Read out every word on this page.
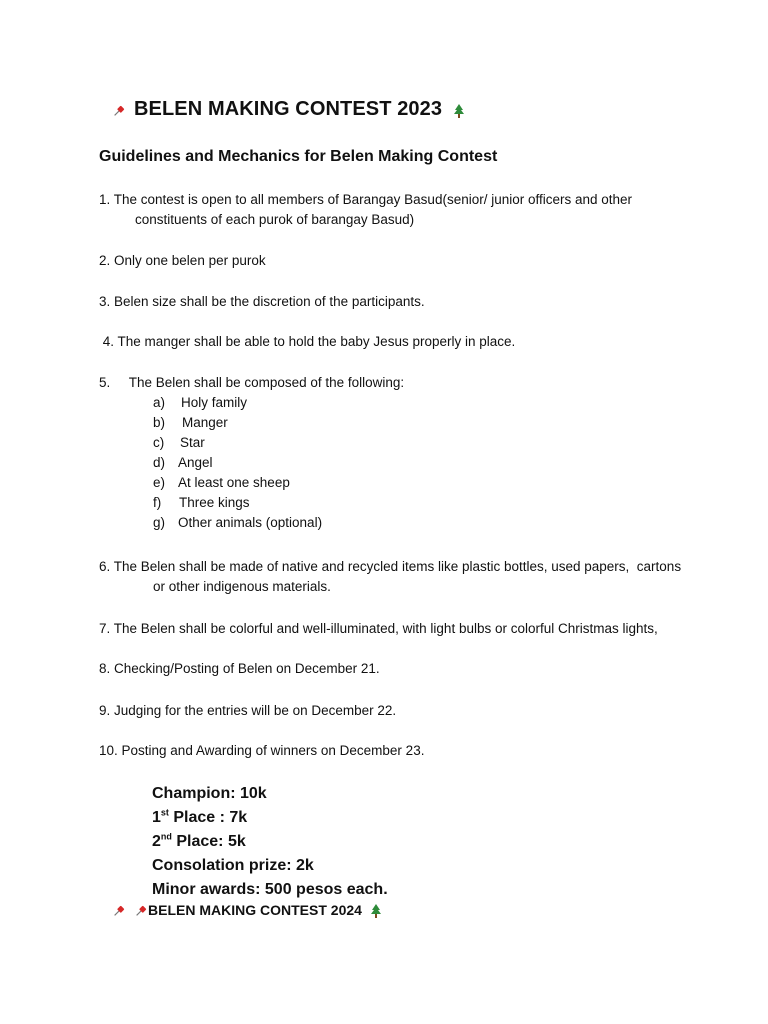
BELEN MAKING CONTEST 2023
Guidelines and Mechanics for Belen Making Contest
1. The contest is open to all members of Barangay Basud(senior/ junior officers and other
constituents of each purok of barangay Basud)
2. Only one belen per purok
3. Belen size shall be the discretion of the participants.
4. The manger shall be able to hold the baby Jesus properly in place.
5.     The Belen shall be composed of the following:
a) Holy family
b) Manger
c) Star
d) Angel
e) At least one sheep
f) Three kings
g) Other animals (optional)
6. The Belen shall be made of native and recycled items like plastic bottles, used papers,  cartons
or other indigenous materials.
7. The Belen shall be colorful and well-illuminated, with light bulbs or colorful Christmas lights,
8. Checking/Posting of Belen on December 21.
9. Judging for the entries will be on December 22.
10. Posting and Awarding of winners on December 23.
Champion: 10k
1st Place : 7k
2nd Place: 5k
Consolation prize: 2k
Minor awards: 500 pesos each.
BELEN MAKING CONTEST 2024
